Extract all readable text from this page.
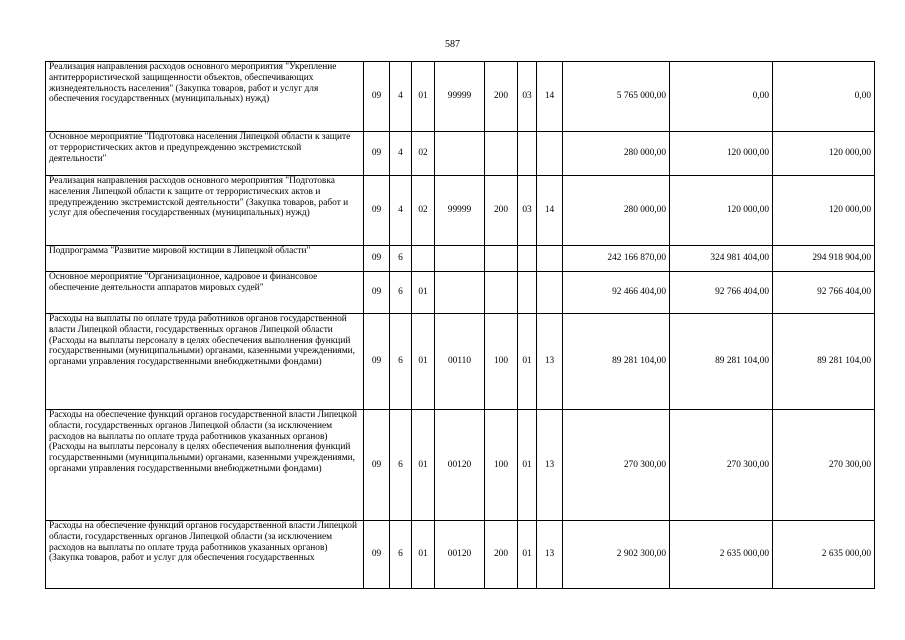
587
Реализация направления расходов основного мероприятия "Укрепление антитеррористической защищенности объектов, обеспечивающих жизнедеятельность населения" (Закупка товаров, работ и услуг для обеспечения государственных (муниципальных) нужд)	09	4	01	99999	200	03	14	5 765 000,00	0,00	0,00

Основное мероприятие "Подготовка населения Липецкой области к защите от террористических актов и предупреждению экстремистской деятельности"	09	4	02					280 000,00	120 000,00	120 000,00

Реализация направления расходов основного мероприятия "Подготовка населения Липецкой области к защите от террористических актов и предупреждению экстремистской деятельности" (Закупка товаров, работ и услуг для обеспечения государственных (муниципальных) нужд)	09	4	02	99999	200	03	14	280 000,00	120 000,00	120 000,00

Подпрограмма "Развитие мировой юстиции в Липецкой области"	09	6						242 166 870,00	324 981 404,00	294 918 904,00

Основное мероприятие "Организационное, кадровое и финансовое обеспечение деятельности аппаратов мировых судей"	09	6	01					92 466 404,00	92 766 404,00	92 766 404,00

Расходы на выплаты по оплате труда работников органов государственной власти Липецкой области, государственных органов Липецкой области (Расходы на выплаты персоналу в целях обеспечения выполнения функций государственными (муниципальными) органами, казенными учреждениями, органами управления государственными внебюджетными фондами)	09	6	01	00110	100	01	13	89 281 104,00	89 281 104,00	89 281 104,00

Расходы на обеспечение функций органов государственной власти Липецкой области, государственных органов Липецкой области (за исключением расходов на выплаты по оплате труда работников указанных органов) (Расходы на выплаты персоналу в целях обеспечения выполнения функций государственными (муниципальными) органами, казенными учреждениями, органами управления государственными внебюджетными фондами)	09	6	01	00120	100	01	13	270 300,00	270 300,00	270 300,00

Расходы на обеспечение функций органов государственной власти Липецкой области, государственных органов Липецкой области (за исключением расходов на выплаты по оплате труда работников указанных органов) (Закупка товаров, работ и услуг для обеспечения государственных	09	6	01	00120	200	01	13	2 902 300,00	2 635 000,00	2 635 000,00
